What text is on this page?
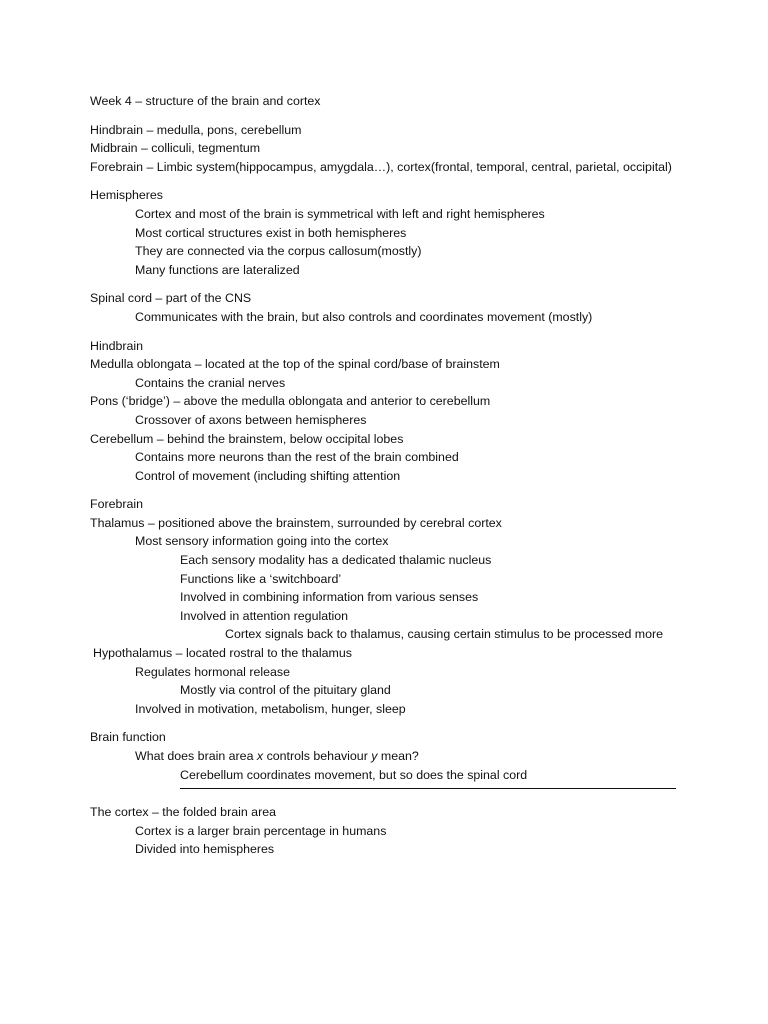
Week 4 – structure of the brain and cortex

Hindbrain – medulla, pons, cerebellum

Midbrain – colliculi, tegmentum

Forebrain – Limbic system(hippocampus, amygdala…), cortex(frontal, temporal, central, parietal, occipital)

Hemispheres

Cortex and most of the brain is symmetrical with left and right hemispheres

Most cortical structures exist in both hemispheres

They are connected via the corpus callosum(mostly)

Many functions are lateralized

Spinal cord – part of the CNS

Communicates with the brain, but also controls and coordinates movement (mostly)

Hindbrain

Medulla oblongata – located at the top of the spinal cord/base of brainstem

Contains the cranial nerves

Pons (‘bridge’) – above the medulla oblongata and anterior to cerebellum

Crossover of axons between hemispheres

Cerebellum – behind the brainstem, below occipital lobes

Contains more neurons than the rest of the brain combined

Control of movement (including shifting attention

Forebrain

Thalamus – positioned above the brainstem, surrounded by cerebral cortex

Most sensory information going into the cortex

Each sensory modality has a dedicated thalamic nucleus

Functions like a ‘switchboard’

Involved in combining information from various senses

Involved in attention regulation

Cortex signals back to thalamus, causing certain stimulus to be processed more

Hypothalamus – located rostral to the thalamus

Regulates hormonal release

Mostly via control of the pituitary gland

Involved in motivation, metabolism, hunger, sleep

Brain function

What does brain area x controls behaviour y mean?

Cerebellum coordinates movement, but so does the spinal cord

The cortex – the folded brain area

Cortex is a larger brain percentage in humans

Divided into hemispheres
